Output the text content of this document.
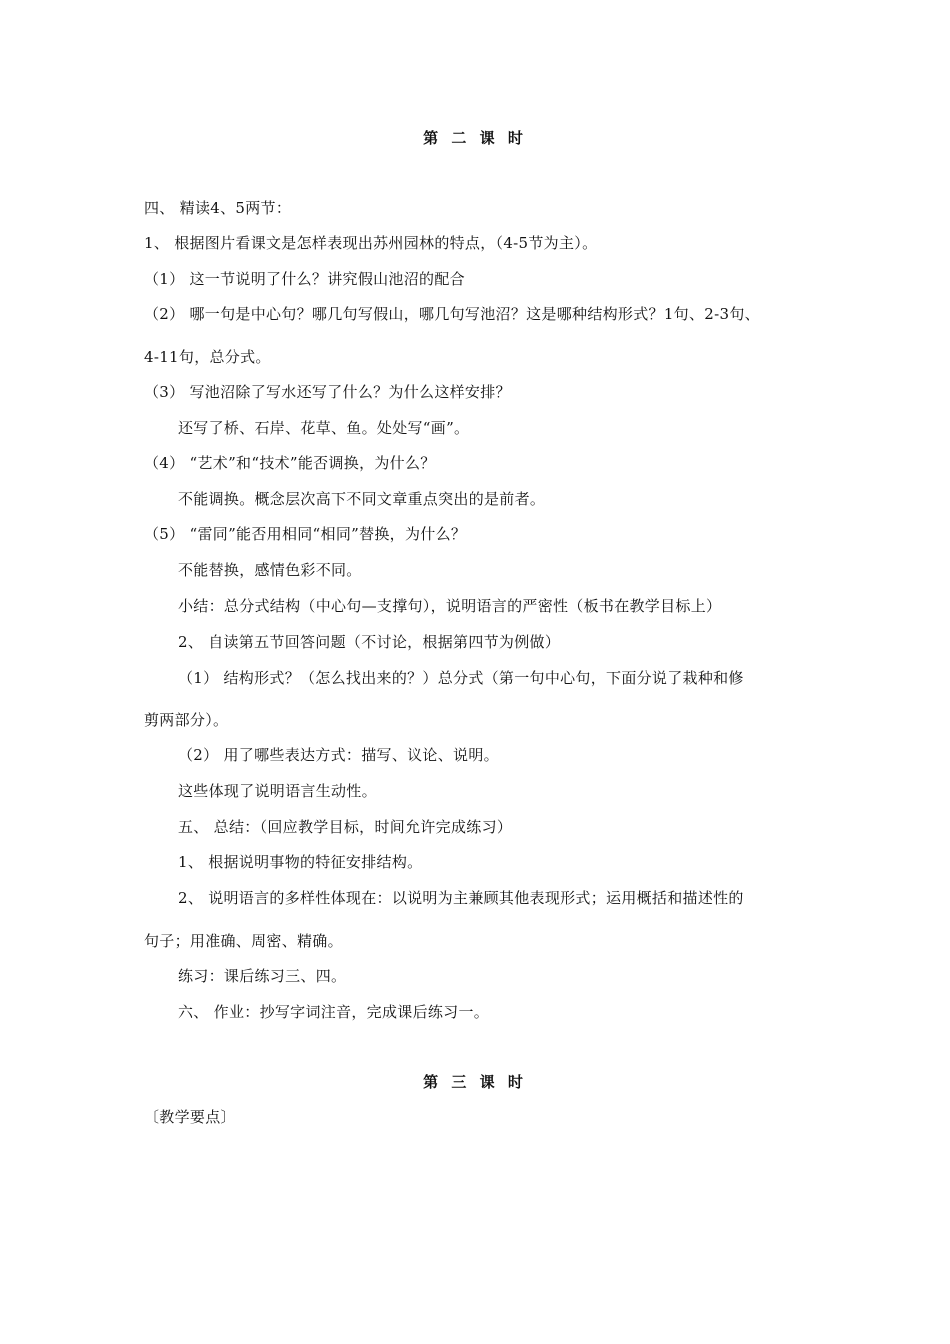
第 二 课 时
四、 精读4、5两节：
1、 根据图片看课文是怎样表现出苏州园林的特点，（4-5节为主）。
（1） 这一节说明了什么？讲究假山池沼的配合
（2） 哪一句是中心句？哪几句写假山，哪几句写池沼？这是哪种结构形式？1句、2-3句、
4-11句，总分式。
（3） 写池沼除了写水还写了什么？为什么这样安排？
还写了桥、石岸、花草、鱼。处处写“画”。
（4） “艺术”和“技术”能否调换，为什么？
不能调换。概念层次高下不同文章重点突出的是前者。
（5） “雷同”能否用相同“相同”替换，为什么？
不能替换，感情色彩不同。
小结：总分式结构（中心句—支撑句），说明语言的严密性（板书在教学目标上）
2、 自读第五节回答问题（不讨论，根据第四节为例做）
（1） 结构形式？（怎么找出来的？）总分式（第一句中心句，下面分说了栽种和修
剪两部分）。
（2） 用了哪些表达方式：描写、议论、说明。
这些体现了说明语言生动性。
五、 总结：（回应教学目标，时间允许完成练习）
1、 根据说明事物的特征安排结构。
2、 说明语言的多样性体现在：以说明为主兼顾其他表现形式；运用概括和描述性的
句子；用准确、周密、精确。
练习：课后练习三、四。
六、 作业：抄写字词注音，完成课后练习一。
第 三 课 时
〔教学要点〕
